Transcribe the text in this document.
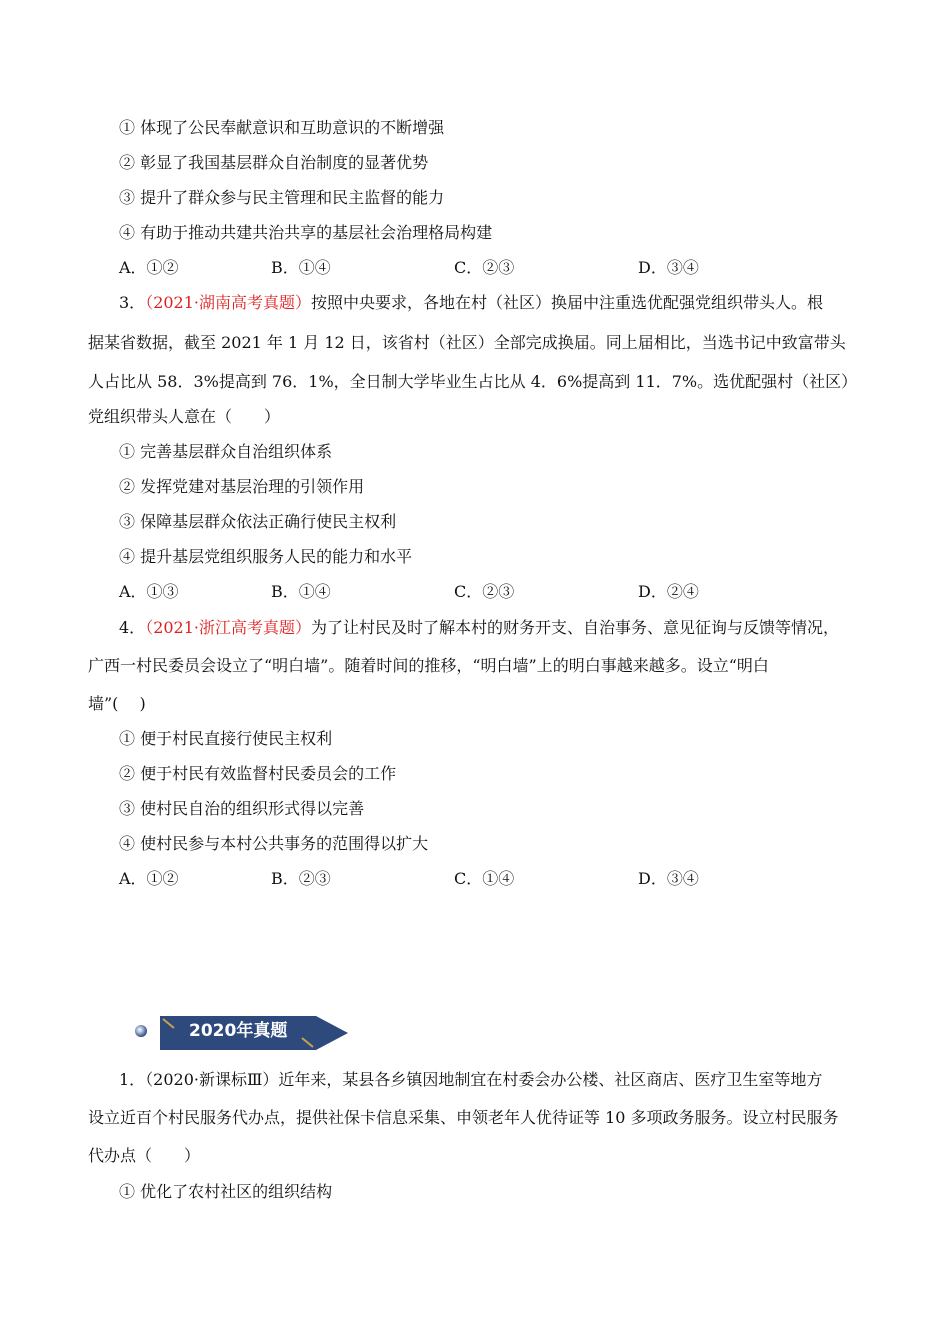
① 体现了公民奉献意识和互助意识的不断增强
② 彰显了我国基层群众自治制度的显著优势
③ 提升了群众参与民主管理和民主监督的能力
④ 有助于推动共建共治共享的基层社会治理格局构建
A．①②	B．①④	C．②③	D．③④
3．（2021·湖南高考真题）按照中央要求，各地在村（社区）换届中注重选优配强党组织带头人。根
据某省数据，截至 2021 年 1 月 12 日，该省村（社区）全部完成换届。同上届相比，当选书记中致富带头
人占比从 58．3%提高到 76．1%，全日制大学毕业生占比从 4．6%提高到 11．7%。选优配强村（社区）
党组织带头人意在（　　）
① 完善基层群众自治组织体系
② 发挥党建对基层治理的引领作用
③ 保障基层群众依法正确行使民主权利
④ 提升基层党组织服务人民的能力和水平
A．①③	B．①④	C．②③	D．②④
4．（2021·浙江高考真题）为了让村民及时了解本村的财务开支、自治事务、意见征询与反馈等情况，
广西一村民委员会设立了“明白墙”。随着时间的推移，“明白墙”上的明白事越来越多。设立“明白
墙”(　 )
① 便于村民直接行使民主权利
② 便于村民有效监督村民委员会的工作
③ 使村民自治的组织形式得以完善
④ 使村民参与本村公共事务的范围得以扩大
A．①②	B．②③	C．①④	D．③④
2020年真题
1．（2020·新课标Ⅲ）近年来，某县各乡镇因地制宜在村委会办公楼、社区商店、医疗卫生室等地方
设立近百个村民服务代办点，提供社保卡信息采集、申领老年人优待证等 10 多项政务服务。设立村民服务
代办点（　　）
① 优化了农村社区的组织结构
